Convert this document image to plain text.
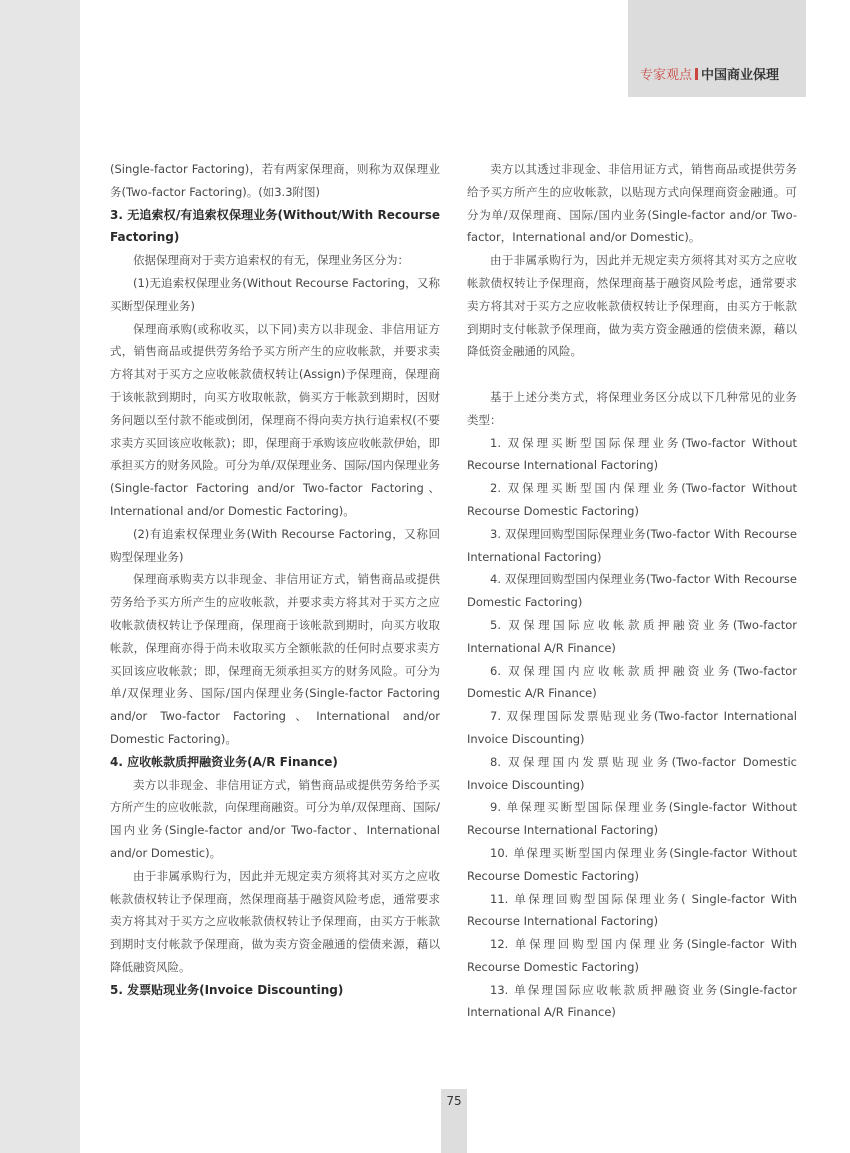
专家观点 中国商业保理

(Single-factor Factoring)，若有两家保理商，则称为双保理业务(Two-factor Factoring)。(如3.3附图)

3. 无追索权/有追索权保理业务(Without/With Recourse Factoring)

依据保理商对于卖方追索权的有无，保理业务区分为：

(1)无追索权保理业务(Without Recourse Factoring，又称买断型保理业务)

保理商承购(或称收买，以下同)卖方以非现金、非信用证方式，销售商品或提供劳务给予买方所产生的应收帐款，并要求卖方将其对于买方之应收帐款债权转让(Assign)予保理商，保理商于该帐款到期时，向买方收取帐款，倘买方于帐款到期时，因财务问题以至付款不能或倒闭，保理商不得向卖方执行追索权(不要求卖方买回该应收帐款)；即，保理商于承购该应收帐款伊始，即承担买方的财务风险。可分为单/双保理业务、国际/国内保理业务(Single-factor Factoring and/or Two-factor Factoring、International and/or Domestic Factoring)。

(2)有追索权保理业务(With Recourse Factoring，又称回购型保理业务)

保理商承购卖方以非现金、非信用证方式，销售商品或提供劳务给予买方所产生的应收帐款，并要求卖方将其对于买方之应收帐款债权转让予保理商，保理商于该帐款到期时，向买方收取帐款，保理商亦得于尚未收取买方全额帐款的任何时点要求卖方买回该应收帐款；即，保理商无须承担买方的财务风险。可分为单/双保理业务、国际/国内保理业务(Single-factor Factoring and/or Two-factor Factoring、International and/or Domestic Factoring)。

4. 应收帐款质押融资业务(A/R Finance)

卖方以非现金、非信用证方式，销售商品或提供劳务给予买方所产生的应收帐款，向保理商融资。可分为单/双保理商、国际/国内业务(Single-factor and/or Two-factor、International and/or Domestic)。

由于非属承购行为，因此并无规定卖方须将其对买方之应收帐款债权转让予保理商，然保理商基于融资风险考虑，通常要求卖方将其对于买方之应收帐款债权转让予保理商，由买方于帐款到期时支付帐款予保理商，做为卖方资金融通的偿债来源，藉以降低融资风险。

5. 发票贴现业务(Invoice Discounting)

卖方以其透过非现金、非信用证方式，销售商品或提供劳务给予买方所产生的应收帐款，以贴现方式向保理商资金融通。可分为单/双保理商、国际/国内业务(Single-factor and/or Two-factor，International and/or Domestic)。

由于非属承购行为，因此并无规定卖方须将其对买方之应收帐款债权转让予保理商，然保理商基于融资风险考虑，通常要求卖方将其对于买方之应收帐款债权转让予保理商，由买方于帐款到期时支付帐款予保理商，做为卖方资金融通的偿债来源，藉以降低资金融通的风险。

基于上述分类方式，将保理业务区分成以下几种常见的业务类型：

1. 双保理买断型国际保理业务(Two-factor Without Recourse International Factoring)

2. 双保理买断型国内保理业务(Two-factor Without Recourse Domestic Factoring)

3. 双保理回购型国际保理业务(Two-factor With Recourse International Factoring)

4. 双保理回购型国内保理业务(Two-factor With Recourse Domestic Factoring)

5. 双保理国际应收帐款质押融资业务(Two-factor International A/R Finance)

6. 双保理国内应收帐款质押融资业务(Two-factor Domestic A/R Finance)

7. 双保理国际发票贴现业务(Two-factor International Invoice Discounting)

8. 双保理国内发票贴现业务(Two-factor Domestic Invoice Discounting)

9. 单保理买断型国际保理业务(Single-factor Without Recourse International Factoring)

10. 单保理买断型国内保理业务(Single-factor Without Recourse Domestic Factoring)

11. 单保理回购型国际保理业务( Single-factor With Recourse International Factoring)

12. 单保理回购型国内保理业务(Single-factor With Recourse Domestic Factoring)

13. 单保理国际应收帐款质押融资业务(Single-factor International A/R Finance)

75
